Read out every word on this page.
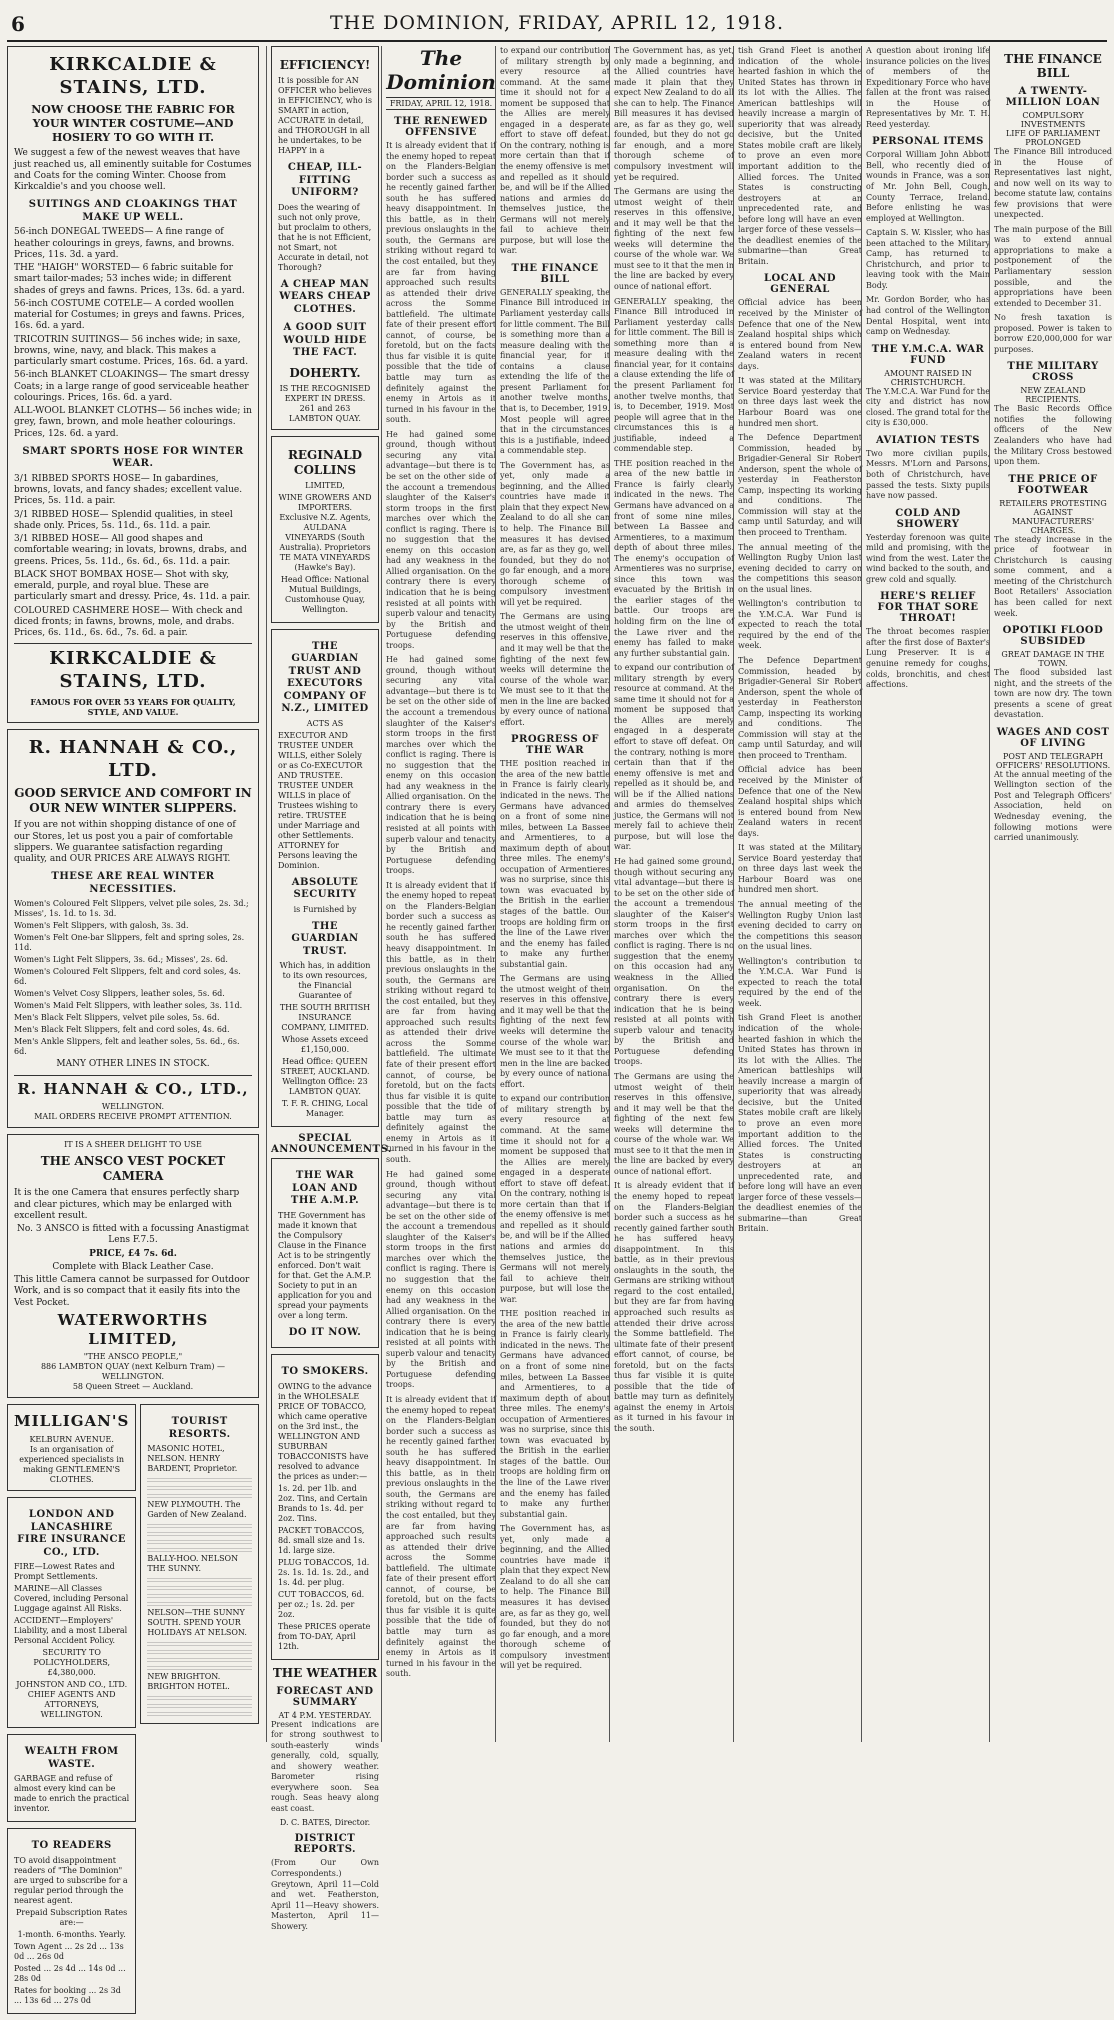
6	THE DOMINION, FRIDAY, APRIL 12, 1918.
KIRKCALDIE & STAINS, LTD.
NOW CHOOSE THE FABRIC FOR YOUR WINTER COSTUME—AND HOSIERY TO GO WITH IT.
We suggest a few of the newest weaves that have just reached us, all eminently suitable for Costumes and Coats for the coming Winter. Choose from Kirkcaldie's and you choose well.
SUITINGS AND CLOAKINGS THAT MAKE UP WELL.
56-inch DONEGAL TWEEDS— A fine range of heather colourings in greys, fawns, and browns. Prices, 11s. 3d. a yard.
THE "HAIGH" WORSTED— 6 fabric suitable for smart tailor-mades; 53 inches wide; in different shades of greys and fawns. Prices, 13s. 6d. a yard.
56-inch COSTUME COTELE— A corded woollen material for Costumes; in greys and fawns. Prices, 16s. 6d. a yard.
TRICOTRIN SUITINGS— 56 inches wide; in saxe, browns, wine, navy, and black. This makes a particularly smart costume. Prices, 16s. 6d. a yard.
56-inch BLANKET CLOAKINGS— The smart dressy Coats; in a large range of good serviceable heather colourings. Prices, 16s. 6d. a yard.
ALL-WOOL BLANKET CLOTHS— 56 inches wide; in grey, fawn, brown, and mole heather colourings. Prices, 12s. 6d. a yard.
SMART SPORTS HOSE FOR WINTER WEAR.
3/1 RIBBED SPORTS HOSE— In gabardines, browns, lovats, and fancy shades; excellent value. Prices, 5s. 11d. a pair.
3/1 RIBBED HOSE— Splendid qualities, in steel shade only. Prices, 5s. 11d., 6s. 11d. a pair.
3/1 RIBBED HOSE— All good shapes and comfortable wearing; in lovats, browns, drabs, and greens. Prices, 5s. 11d., 6s. 6d., 6s. 11d. a pair.
BLACK SHOT BOMBAX HOSE— Shot with sky, emerald, purple, and royal blue. These are particularly smart and dressy. Price, 4s. 11d. a pair.
COLOURED CASHMERE HOSE— With check and diced fronts; in fawns, browns, mole, and drabs. Prices, 6s. 11d., 6s. 6d., 7s. 6d. a pair.
KIRKCALDIE & STAINS, LTD.
FAMOUS FOR OVER 53 YEARS FOR QUALITY, STYLE, AND VALUE.
R. HANNAH & CO., LTD.
GOOD SERVICE AND COMFORT IN OUR NEW WINTER SLIPPERS.
If you are not within shopping distance of one of our Stores, let us post you a pair of comfortable slippers. We guarantee satisfaction regarding quality, and OUR PRICES ARE ALWAYS RIGHT.
THESE ARE REAL WINTER NECESSITIES.
Women's Coloured Felt Slippers, velvet pile soles, 2s. 3d.; Misses', 1s. 1d. to 1s. 3d.
Women's Felt Slippers, with galosh, 3s. 3d.
Women's Felt One-bar Slippers, felt and spring soles, 2s. 11d.
Women's Light Felt Slippers, 3s. 6d.; Misses', 2s. 6d.
Women's Coloured Felt Slippers, felt and cord soles, 4s. 6d.
Women's Velvet Cosy Slippers, leather soles, 5s. 6d.
Women's Maid Felt Slippers, with leather soles, 3s. 11d.
Men's Black Felt Slippers, velvet pile soles, 5s. 6d.
Men's Black Felt Slippers, felt and cord soles, 4s. 6d.
Men's Ankle Slippers, felt and leather soles, 5s. 6d., 6s. 6d.
MANY OTHER LINES IN STOCK.
R. HANNAH & CO., LTD.,
WELLINGTON.
MAIL ORDERS RECEIVE PROMPT ATTENTION.
IT IS A SHEER DELIGHT TO USE
THE ANSCO VEST POCKET CAMERA
It is the one Camera that ensures perfectly sharp and clear pictures, which may be enlarged with excellent result.
No. 3 ANSCO is fitted with a focussing Anastigmat Lens F.7.5.
PRICE, £4 7s. 6d.
Complete with Black Leather Case.
This little Camera cannot be surpassed for Outdoor Work, and is so compact that it easily fits into the Vest Pocket.
WATERWORTHS LIMITED,
"THE ANSCO PEOPLE,"
886 LAMBTON QUAY (next Kelburn Tram) — WELLINGTON.
58 Queen Street — Auckland.
MILLIGAN'S
KELBURN AVENUE.
Is an organisation of experienced specialists in making GENTLEMEN'S CLOTHES.
LONDON AND LANCASHIRE FIRE INSURANCE CO., LTD.
FIRE—Lowest Rates and Prompt Settlements.
MARINE—All Classes Covered, including Personal Luggage against All Risks.
ACCIDENT—Employers' Liability, and a most Liberal Personal Accident Policy.
SECURITY TO POLICYHOLDERS, £4,380,000.
JOHNSTON AND CO., LTD. CHIEF AGENTS AND ATTORNEYS, WELLINGTON.
WEALTH FROM WASTE.
GARBAGE and refuse of almost every kind can be made to enrich the practical inventor.
TO READERS
TO avoid disappointment readers of "The Dominion" are urged to subscribe for a regular period through the nearest agent.
Prepaid Subscription Rates are:—
1-month. 6-months. Yearly.
Town Agent ... 2s 2d ... 13s 0d ... 26s 0d
Posted ... 2s 4d ... 14s 0d ... 28s 0d
Rates for booking ... 2s 3d ... 13s 6d ... 27s 0d
TOURIST RESORTS.
MASONIC HOTEL, NELSON. HENRY BARDENT, Proprietor.
NEW PLYMOUTH. The Garden of New Zealand.
BALLY-HOO. NELSON THE SUNNY.
NELSON—THE SUNNY SOUTH. SPEND YOUR HOLIDAYS AT NELSON.
NEW BRIGHTON. BRIGHTON HOTEL.
EFFICIENCY!
It is possible for AN OFFICER who believes in EFFICIENCY, who is SMART in action, ACCURATE in detail, and THOROUGH in all he undertakes, to be HAPPY in a
CHEAP, ILL-FITTING UNIFORM?
Does the wearing of such not only prove, but proclaim to others, that he is not Efficient, not Smart, not Accurate in detail, not Thorough?
A CHEAP MAN WEARS CHEAP CLOTHES.
A GOOD SUIT WOULD HIDE THE FACT.
DOHERTY.
IS THE RECOGNISED EXPERT IN DRESS.
261 and 263 LAMBTON QUAY.
REGINALD COLLINS
LIMITED,
WINE GROWERS AND IMPORTERS. Exclusive N.Z. Agents, AULDANA VINEYARDS (South Australia). Proprietors TE MATA VINEYARDS (Hawke's Bay).
Head Office: National Mutual Buildings, Customhouse Quay, Wellington.
THE GUARDIAN TRUST AND EXECUTORS COMPANY OF N.Z., LIMITED
ACTS AS
EXECUTOR AND TRUSTEE UNDER WILLS, either Solely or as Co-EXECUTOR AND TRUSTEE. TRUSTEE UNDER WILLS in place of Trustees wishing to retire. TRUSTEE under Marriage and other Settlements. ATTORNEY for Persons leaving the Dominion.
ABSOLUTE SECURITY
is Furnished by
THE GUARDIAN TRUST.
Which has, in addition to its own resources, the Financial Guarantee of
THE SOUTH BRITISH INSURANCE COMPANY, LIMITED.
Whose Assets exceed £1,150,000.
Head Office: QUEEN STREET, AUCKLAND. Wellington Office: 23 LAMBTON QUAY.
T. F. R. CHING, Local Manager.
SPECIAL ANNOUNCEMENTS.
THE WAR LOAN AND THE A.M.P.
THE Government has made it known that the Compulsory Clause in the Finance Act is to be stringently enforced. Don't wait for that. Get the A.M.P. Society to put in an application for you and spread your payments over a long term.
DO IT NOW.
TO SMOKERS.
OWING to the advance in the WHOLESALE PRICE OF TOBACCO, which came operative on the 3rd inst., the WELLINGTON AND SUBURBAN TOBACCONISTS have resolved to advance the prices as under:—
1s. 2d. per 1lb. and 2oz. Tins, and Certain Brands to 1s. 4d. per 2oz. Tins.
PACKET TOBACCOS, 8d. small size and 1s. 1d. large size.
PLUG TOBACCOS, 1d. 2s. 1s. 1d. 1s. 2d., and 1s. 4d. per plug.
CUT TOBACCOS, 6d. per oz.; 1s. 2d. per 2oz.
These PRICES operate from TO-DAY, April 12th.
THE WEATHER
FORECAST AND SUMMARY
AT 4 P.M. YESTERDAY.
Present indications are for strong southwest to south-easterly winds generally, cold, squally, and showery weather. Barometer rising everywhere soon. Sea rough. Seas heavy along east coast.
D. C. BATES, Director.
DISTRICT REPORTS.
(From Our Own Correspondents.) Greytown, April 11—Cold and wet. Featherston, April 11—Heavy showers. Masterton, April 11—Showery.
The Dominion
FRIDAY, APRIL 12, 1918.
THE RENEWED OFFENSIVE
It is already evident that if the enemy hoped to repeat on the Flanders-Belgian border such a success as he recently gained farther south he has suffered heavy disappointment. In this battle, as in their previous onslaughts in the south, the Germans are striking without regard to the cost entailed, but they are far from having approached such results as attended their drive across the Somme battlefield. The ultimate fate of their present effort cannot, of course, be foretold, but on the facts thus far visible it is quite possible that the tide of battle may turn as definitely against the enemy in Artois as it turned in his favour in the south.
He had gained some ground, though without securing any vital advantage—but there is to be set on the other side of the account a tremendous slaughter of the Kaiser's storm troops in the first marches over which the conflict is raging. There is no suggestion that the enemy on this occasion had any weakness in the Allied organisation. On the contrary there is every indication that he is being resisted at all points with superb valour and tenacity by the British and Portuguese defending troops.
He had gained some ground, though without securing any vital advantage—but there is to be set on the other side of the account a tremendous slaughter of the Kaiser's storm troops in the first marches over which the conflict is raging. There is no suggestion that the enemy on this occasion had any weakness in the Allied organisation. On the contrary there is every indication that he is being resisted at all points with superb valour and tenacity by the British and Portuguese defending troops.
It is already evident that if the enemy hoped to repeat on the Flanders-Belgian border such a success as he recently gained farther south he has suffered heavy disappointment. In this battle, as in their previous onslaughts in the south, the Germans are striking without regard to the cost entailed, but they are far from having approached such results as attended their drive across the Somme battlefield. The ultimate fate of their present effort cannot, of course, be foretold, but on the facts thus far visible it is quite possible that the tide of battle may turn as definitely against the enemy in Artois as it turned in his favour in the south.
He had gained some ground, though without securing any vital advantage—but there is to be set on the other side of the account a tremendous slaughter of the Kaiser's storm troops in the first marches over which the conflict is raging. There is no suggestion that the enemy on this occasion had any weakness in the Allied organisation. On the contrary there is every indication that he is being resisted at all points with superb valour and tenacity by the British and Portuguese defending troops.
It is already evident that if the enemy hoped to repeat on the Flanders-Belgian border such a success as he recently gained farther south he has suffered heavy disappointment. In this battle, as in their previous onslaughts in the south, the Germans are striking without regard to the cost entailed, but they are far from having approached such results as attended their drive across the Somme battlefield. The ultimate fate of their present effort cannot, of course, be foretold, but on the facts thus far visible it is quite possible that the tide of battle may turn as definitely against the enemy in Artois as it turned in his favour in the south.
to expand our contribution of military strength by every resource at command. At the same time it should not for a moment be supposed that the Allies are merely engaged in a desperate effort to stave off defeat. On the contrary, nothing is more certain than that if the enemy offensive is met and repelled as it should be, and will be if the Allied nations and armies do themselves justice, the Germans will not merely fail to achieve their purpose, but will lose the war.
THE FINANCE BILL
GENERALLY speaking, the Finance Bill introduced in Parliament yesterday calls for little comment. The Bill is something more than a measure dealing with the financial year, for it contains a clause extending the life of the present Parliament for another twelve months, that is, to December, 1919. Most people will agree that in the circumstances this is a justifiable, indeed a commendable step.
The Government has, as yet, only made a beginning, and the Allied countries have made it plain that they expect New Zealand to do all she can to help. The Finance Bill measures it has devised are, as far as they go, well founded, but they do not go far enough, and a more thorough scheme of compulsory investment will yet be required.
The Germans are using the utmost weight of their reserves in this offensive, and it may well be that the fighting of the next few weeks will determine the course of the whole war. We must see to it that the men in the line are backed by every ounce of national effort.
PROGRESS OF THE WAR
THE position reached in the area of the new battle in France is fairly clearly indicated in the news. The Germans have advanced on a front of some nine miles, between La Bassee and Armentieres, to a maximum depth of about three miles. The enemy's occupation of Armentieres was no surprise, since this town was evacuated by the British in the earlier stages of the battle. Our troops are holding firm on the line of the Lawe river and the enemy has failed to make any further substantial gain.
The Germans are using the utmost weight of their reserves in this offensive, and it may well be that the fighting of the next few weeks will determine the course of the whole war. We must see to it that the men in the line are backed by every ounce of national effort.
to expand our contribution of military strength by every resource at command. At the same time it should not for a moment be supposed that the Allies are merely engaged in a desperate effort to stave off defeat. On the contrary, nothing is more certain than that if the enemy offensive is met and repelled as it should be, and will be if the Allied nations and armies do themselves justice, the Germans will not merely fail to achieve their purpose, but will lose the war.
THE position reached in the area of the new battle in France is fairly clearly indicated in the news. The Germans have advanced on a front of some nine miles, between La Bassee and Armentieres, to a maximum depth of about three miles. The enemy's occupation of Armentieres was no surprise, since this town was evacuated by the British in the earlier stages of the battle. Our troops are holding firm on the line of the Lawe river and the enemy has failed to make any further substantial gain.
The Government has, as yet, only made a beginning, and the Allied countries have made it plain that they expect New Zealand to do all she can to help. The Finance Bill measures it has devised are, as far as they go, well founded, but they do not go far enough, and a more thorough scheme of compulsory investment will yet be required.
The Government has, as yet, only made a beginning, and the Allied countries have made it plain that they expect New Zealand to do all she can to help. The Finance Bill measures it has devised are, as far as they go, well founded, but they do not go far enough, and a more thorough scheme of compulsory investment will yet be required.
The Germans are using the utmost weight of their reserves in this offensive, and it may well be that the fighting of the next few weeks will determine the course of the whole war. We must see to it that the men in the line are backed by every ounce of national effort.
GENERALLY speaking, the Finance Bill introduced in Parliament yesterday calls for little comment. The Bill is something more than a measure dealing with the financial year, for it contains a clause extending the life of the present Parliament for another twelve months, that is, to December, 1919. Most people will agree that in the circumstances this is a justifiable, indeed a commendable step.
THE position reached in the area of the new battle in France is fairly clearly indicated in the news. The Germans have advanced on a front of some nine miles, between La Bassee and Armentieres, to a maximum depth of about three miles. The enemy's occupation of Armentieres was no surprise, since this town was evacuated by the British in the earlier stages of the battle. Our troops are holding firm on the line of the Lawe river and the enemy has failed to make any further substantial gain.
to expand our contribution of military strength by every resource at command. At the same time it should not for a moment be supposed that the Allies are merely engaged in a desperate effort to stave off defeat. On the contrary, nothing is more certain than that if the enemy offensive is met and repelled as it should be, and will be if the Allied nations and armies do themselves justice, the Germans will not merely fail to achieve their purpose, but will lose the war.
He had gained some ground, though without securing any vital advantage—but there is to be set on the other side of the account a tremendous slaughter of the Kaiser's storm troops in the first marches over which the conflict is raging. There is no suggestion that the enemy on this occasion had any weakness in the Allied organisation. On the contrary there is every indication that he is being resisted at all points with superb valour and tenacity by the British and Portuguese defending troops.
The Germans are using the utmost weight of their reserves in this offensive, and it may well be that the fighting of the next few weeks will determine the course of the whole war. We must see to it that the men in the line are backed by every ounce of national effort.
It is already evident that if the enemy hoped to repeat on the Flanders-Belgian border such a success as he recently gained farther south he has suffered heavy disappointment. In this battle, as in their previous onslaughts in the south, the Germans are striking without regard to the cost entailed, but they are far from having approached such results as attended their drive across the Somme battlefield. The ultimate fate of their present effort cannot, of course, be foretold, but on the facts thus far visible it is quite possible that the tide of battle may turn as definitely against the enemy in Artois as it turned in his favour in the south.
tish Grand Fleet is another indication of the whole-hearted fashion in which the United States has thrown in its lot with the Allies. The American battleships will heavily increase a margin of superiority that was already decisive, but the United States mobile craft are likely to prove an even more important addition to the Allied forces. The United States is constructing destroyers at an unprecedented rate, and before long will have an even larger force of these vessels—the deadliest enemies of the submarine—than Great Britain.
LOCAL AND GENERAL
Official advice has been received by the Minister of Defence that one of the New Zealand hospital ships which is entered bound from New Zealand waters in recent days.
It was stated at the Military Service Board yesterday that on three days last week the Harbour Board was one hundred men short.
The Defence Department Commission, headed by Brigadier-General Sir Robert Anderson, spent the whole of yesterday in Featherston Camp, inspecting its working and conditions. The Commission will stay at the camp until Saturday, and will then proceed to Trentham.
The annual meeting of the Wellington Rugby Union last evening decided to carry on the competitions this season on the usual lines.
Wellington's contribution to the Y.M.C.A. War Fund is expected to reach the total required by the end of the week.
The Defence Department Commission, headed by Brigadier-General Sir Robert Anderson, spent the whole of yesterday in Featherston Camp, inspecting its working and conditions. The Commission will stay at the camp until Saturday, and will then proceed to Trentham.
Official advice has been received by the Minister of Defence that one of the New Zealand hospital ships which is entered bound from New Zealand waters in recent days.
It was stated at the Military Service Board yesterday that on three days last week the Harbour Board was one hundred men short.
The annual meeting of the Wellington Rugby Union last evening decided to carry on the competitions this season on the usual lines.
Wellington's contribution to the Y.M.C.A. War Fund is expected to reach the total required by the end of the week.
tish Grand Fleet is another indication of the whole-hearted fashion in which the United States has thrown in its lot with the Allies. The American battleships will heavily increase a margin of superiority that was already decisive, but the United States mobile craft are likely to prove an even more important addition to the Allied forces. The United States is constructing destroyers at an unprecedented rate, and before long will have an even larger force of these vessels—the deadliest enemies of the submarine—than Great Britain.
A question about ironing life insurance policies on the lives of members of the Expeditionary Force who have fallen at the front was raised in the House of Representatives by Mr. T. H. Reed yesterday.
PERSONAL ITEMS
Corporal William John Abbott Bell, who recently died of wounds in France, was a son of Mr. John Bell, Cough, County Terrace, Ireland. Before enlisting he was employed at Wellington.
Captain S. W. Kissler, who has been attached to the Military Camp, has returned to Christchurch, and prior to leaving took with the Main Body.
Mr. Gordon Border, who has had control of the Wellington Dental Hospital, went into camp on Wednesday.
THE Y.M.C.A. WAR FUND
AMOUNT RAISED IN CHRISTCHURCH.
The Y.M.C.A. War Fund for the city and district has now closed. The grand total for the city is £30,000.
AVIATION TESTS
Two more civilian pupils, Messrs. M'Lorn and Parsons, both of Christchurch, have passed the tests. Sixty pupils have now passed.
COLD AND SHOWERY
Yesterday forenoon was quite mild and promising, with the wind from the west. Later the wind backed to the south, and grew cold and squally.
HERE'S RELIEF FOR THAT SORE THROAT!
The throat becomes raspier after the first dose of Baxter's Lung Preserver. It is a genuine remedy for coughs, colds, bronchitis, and chest affections.
THE FINANCE BILL
A TWENTY-MILLION LOAN
COMPULSORY INVESTMENTS
LIFE OF PARLIAMENT PROLONGED
The Finance Bill introduced in the House of Representatives last night, and now well on its way to become statute law, contains few provisions that were unexpected.
The main purpose of the Bill was to extend annual appropriations to make a postponement of the Parliamentary session possible, and the appropriations have been extended to December 31.
No fresh taxation is proposed. Power is taken to borrow £20,000,000 for war purposes.
THE MILITARY CROSS
NEW ZEALAND RECIPIENTS.
The Basic Records Office notifies the following officers of the New Zealanders who have had the Military Cross bestowed upon them.
THE PRICE OF FOOTWEAR
RETAILERS PROTESTING AGAINST MANUFACTURERS' CHARGES.
The steady increase in the price of footwear in Christchurch is causing some comment, and a meeting of the Christchurch Boot Retailers' Association has been called for next week.
OPOTIKI FLOOD SUBSIDED
GREAT DAMAGE IN THE TOWN.
The flood subsided last night, and the streets of the town are now dry. The town presents a scene of great devastation.
WAGES AND COST OF LIVING
POST AND TELEGRAPH OFFICERS' RESOLUTIONS.
At the annual meeting of the Wellington section of the Post and Telegraph Officers' Association, held on Wednesday evening, the following motions were carried unanimously.
